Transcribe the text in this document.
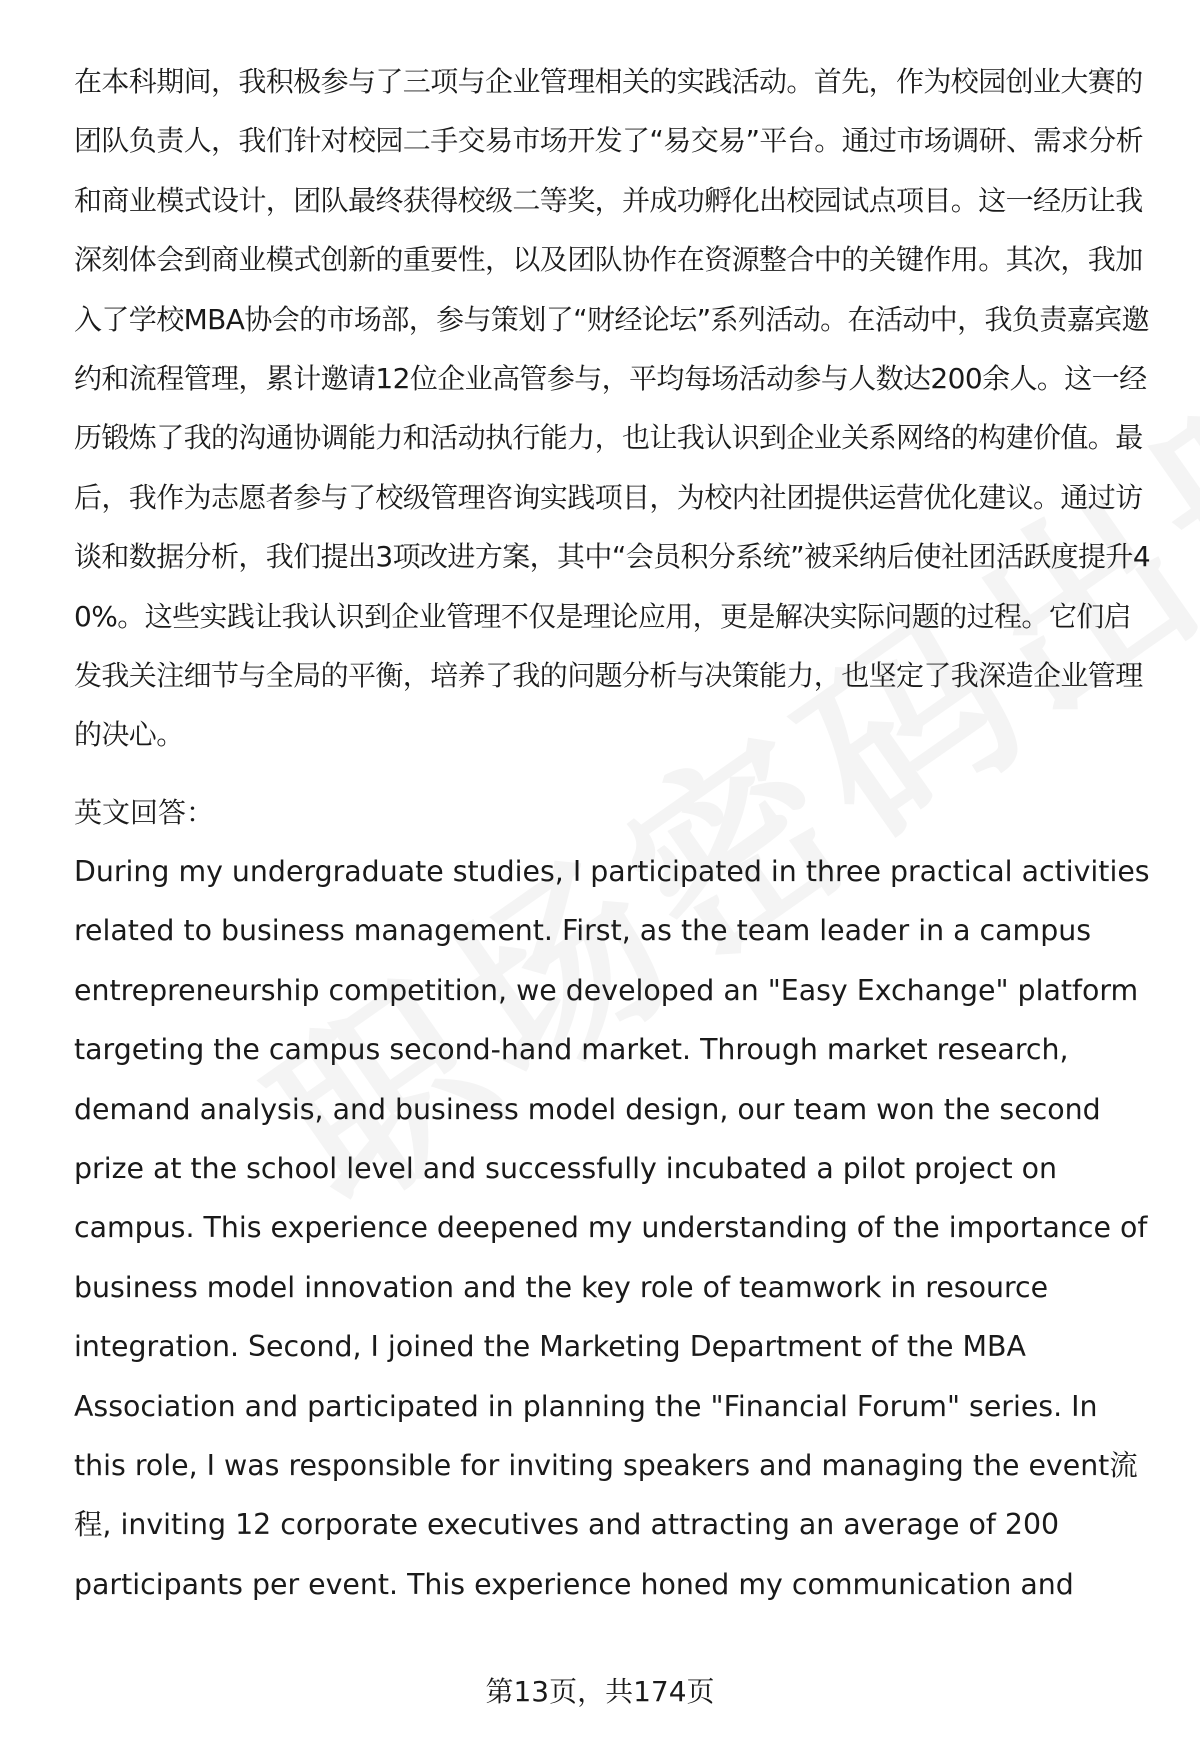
在本科期间，我积极参与了三项与企业管理相关的实践活动。首先，作为校园创业大赛的团队负责人，我们针对校园二手交易市场开发了“易交易”平台。通过市场调研、需求分析和商业模式设计，团队最终获得校级二等奖，并成功孵化出校园试点项目。这一经历让我深刻体会到商业模式创新的重要性，以及团队协作在资源整合中的关键作用。其次，我加入了学校MBA协会的市场部，参与策划了“财经论坛”系列活动。在活动中，我负责嘉宾邀约和流程管理，累计邀请12位企业高管参与，平均每场活动参与人数达200余人。这一经历锻炼了我的沟通协调能力和活动执行能力，也让我认识到企业关系网络的构建价值。最后，我作为志愿者参与了校级管理咨询实践项目，为校内社团提供运营优化建议。通过访谈和数据分析，我们提出3项改进方案，其中“会员积分系统”被采纳后使社团活跃度提升40%。这些实践让我认识到企业管理不仅是理论应用，更是解决实际问题的过程。它们启发我关注细节与全局的平衡，培养了我的问题分析与决策能力，也坚定了我深造企业管理的决心。

英文回答：

During my undergraduate studies, I participated in three practical activities related to business management. First, as the team leader in a campus entrepreneurship competition, we developed an "Easy Exchange" platform targeting the campus second-hand market. Through market research, demand analysis, and business model design, our team won the second prize at the school level and successfully incubated a pilot project on campus. This experience deepened my understanding of the importance of business model innovation and the key role of teamwork in resource integration. Second, I joined the Marketing Department of the MBA Association and participated in planning the "Financial Forum" series. In this role, I was responsible for inviting speakers and managing the event流程, inviting 12 corporate executives and attracting an average of 200 participants per event. This experience honed my communication and

第13页，共174页
